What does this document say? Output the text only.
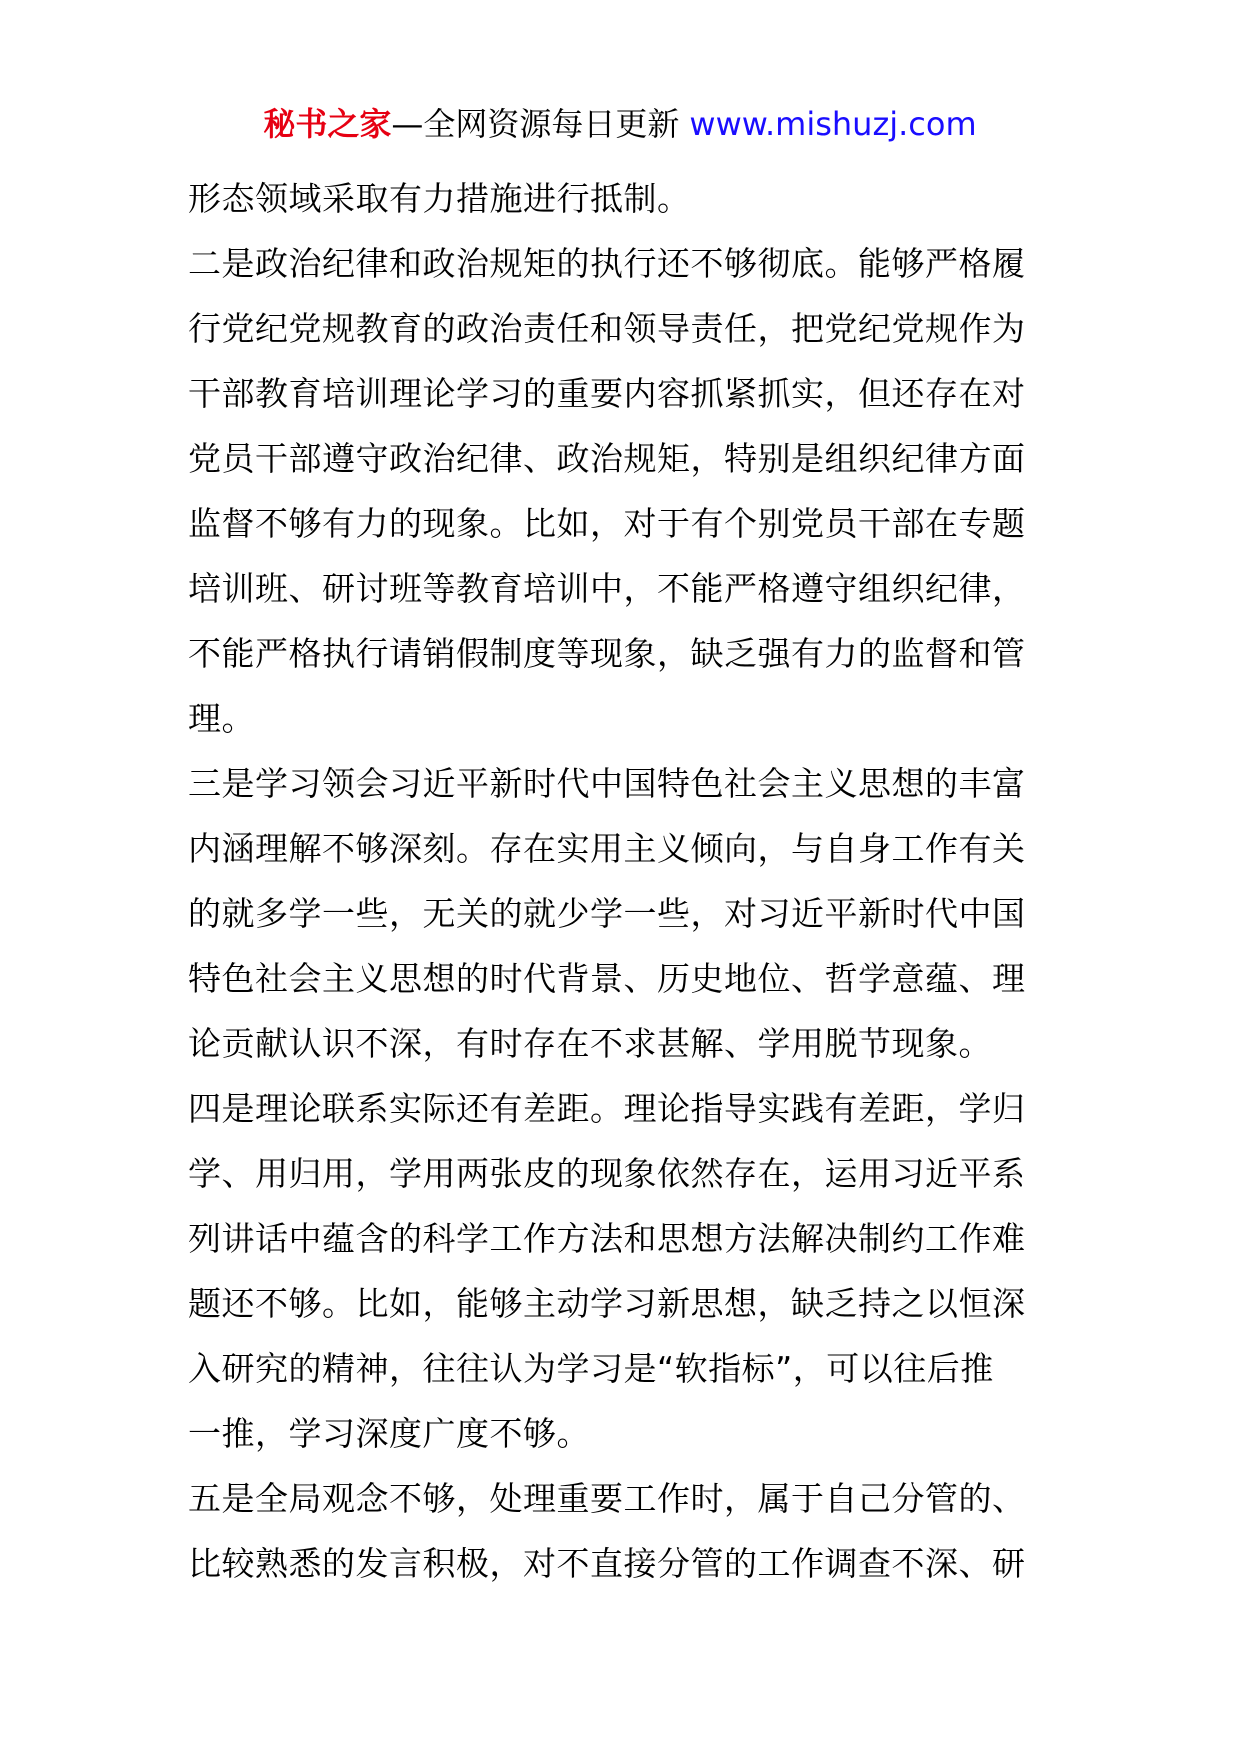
秘书之家—全网资源每日更新 www.mishuzj.com
形态领域采取有力措施进行抵制。
二是政治纪律和政治规矩的执行还不够彻底。能够严格履
行党纪党规教育的政治责任和领导责任，把党纪党规作为
干部教育培训理论学习的重要内容抓紧抓实，但还存在对
党员干部遵守政治纪律、政治规矩，特别是组织纪律方面
监督不够有力的现象。比如，对于有个别党员干部在专题
培训班、研讨班等教育培训中，不能严格遵守组织纪律，
不能严格执行请销假制度等现象，缺乏强有力的监督和管
理。
三是学习领会习近平新时代中国特色社会主义思想的丰富
内涵理解不够深刻。存在实用主义倾向，与自身工作有关
的就多学一些，无关的就少学一些，对习近平新时代中国
特色社会主义思想的时代背景、历史地位、哲学意蕴、理
论贡献认识不深，有时存在不求甚解、学用脱节现象。
四是理论联系实际还有差距。理论指导实践有差距，学归
学、用归用，学用两张皮的现象依然存在，运用习近平系
列讲话中蕴含的科学工作方法和思想方法解决制约工作难
题还不够。比如，能够主动学习新思想，缺乏持之以恒深
入研究的精神，往往认为学习是“软指标”，可以往后推
一推，学习深度广度不够。
五是全局观念不够，处理重要工作时，属于自己分管的、
比较熟悉的发言积极，对不直接分管的工作调查不深、研
